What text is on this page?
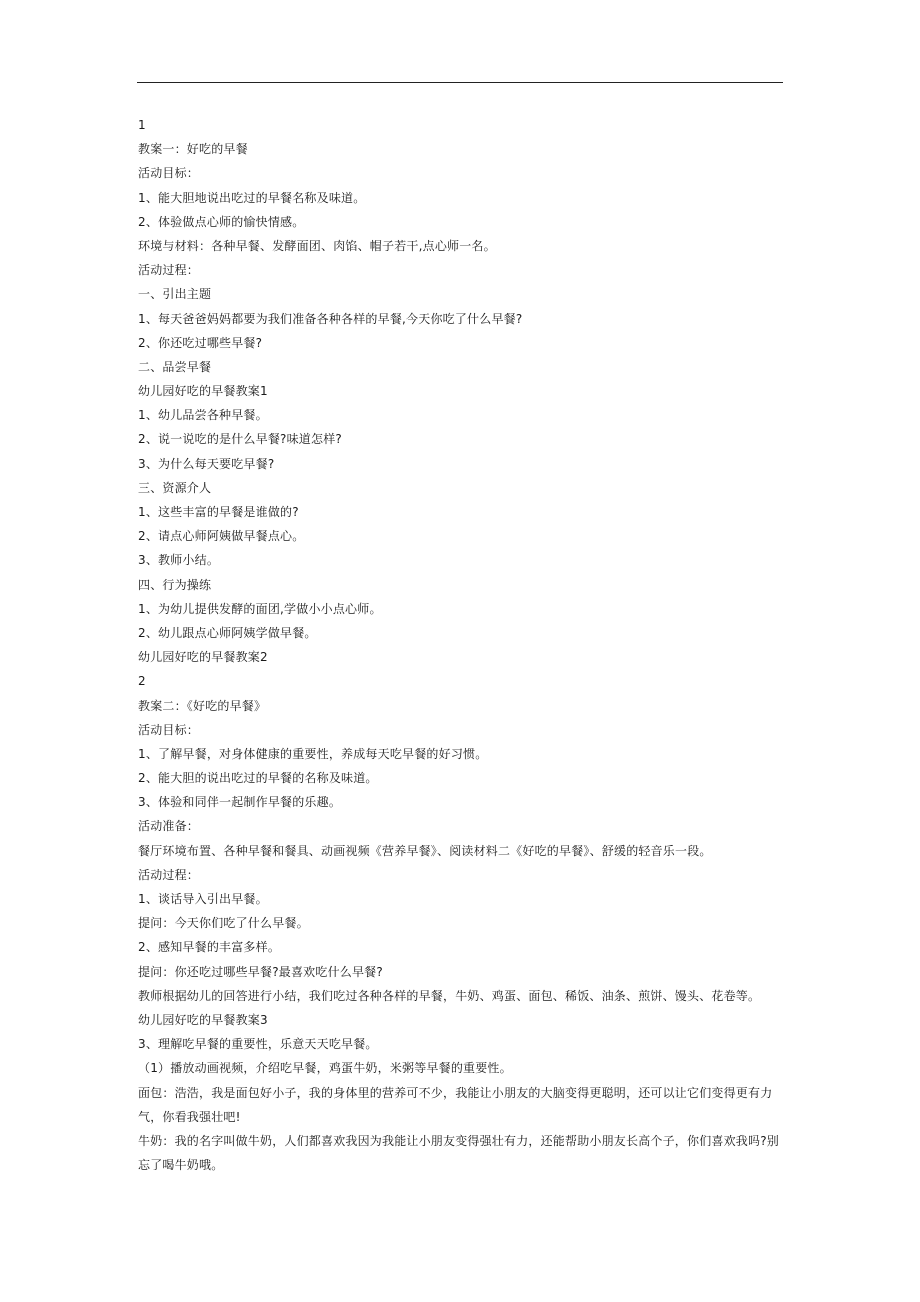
1
教案一：好吃的早餐
活动目标：
1、能大胆地说出吃过的早餐名称及味道。
2、体验做点心师的愉快情感。
环境与材料：各种早餐、发酵面团、肉馅、帽子若干,点心师一名。
活动过程：
一、引出主题
1、每天爸爸妈妈都要为我们准备各种各样的早餐,今天你吃了什么早餐?
2、你还吃过哪些早餐?
二、品尝早餐
幼儿园好吃的早餐教案1
1、幼儿品尝各种早餐。
2、说一说吃的是什么早餐?味道怎样?
3、为什么每天要吃早餐?
三、资源介人
1、这些丰富的早餐是谁做的?
2、请点心师阿姨做早餐点心。
3、教师小结。
四、行为操练
1、为幼儿提供发酵的面团,学做小小点心师。
2、幼儿跟点心师阿姨学做早餐。
幼儿园好吃的早餐教案2
2
教案二：《好吃的早餐》
活动目标：
1、了解早餐，对身体健康的重要性，养成每天吃早餐的好习惯。
2、能大胆的说出吃过的早餐的名称及味道。
3、体验和同伴一起制作早餐的乐趣。
活动准备：
餐厅环境布置、各种早餐和餐具、动画视频《营养早餐》、阅读材料二《好吃的早餐》、舒缓的轻音乐一段。
活动过程：
1、谈话导入引出早餐。
提问：今天你们吃了什么早餐。
2、感知早餐的丰富多样。
提问：你还吃过哪些早餐?最喜欢吃什么早餐?
教师根据幼儿的回答进行小结，我们吃过各种各样的早餐，牛奶、鸡蛋、面包、稀饭、油条、煎饼、馒头、花卷等。
幼儿园好吃的早餐教案3
3、理解吃早餐的重要性，乐意天天吃早餐。
（1）播放动画视频，介绍吃早餐，鸡蛋牛奶，米粥等早餐的重要性。
面包：浩浩，我是面包好小子，我的身体里的营养可不少，我能让小朋友的大脑变得更聪明，还可以让它们变得更有力气，你看我强壮吧!
牛奶：我的名字叫做牛奶，人们都喜欢我因为我能让小朋友变得强壮有力，还能帮助小朋友长高个子，你们喜欢我吗?别忘了喝牛奶哦。
